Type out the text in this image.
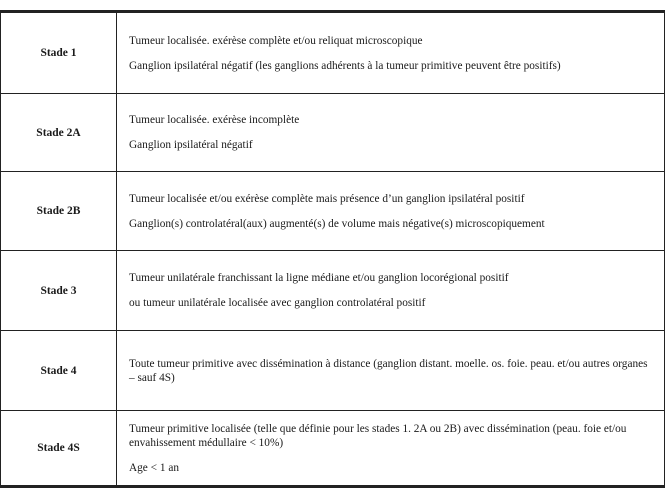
Stade 1	Tumeur localisée. exérèse complète et/ou reliquat microscopique

Ganglion ipsilatéral négatif (les ganglions adhérents à la tumeur primitive peuvent être positifs)

Stade 2A	Tumeur localisée. exérèse incomplète

Ganglion ipsilatéral négatif

Stade 2B	Tumeur localisée et/ou exérèse complète mais présence d’un ganglion ipsilatéral positif

Ganglion(s) controlatéral(aux) augmenté(s) de volume mais négative(s) microscopiquement

Stade 3	Tumeur unilatérale franchissant la ligne médiane et/ou ganglion locorégional positif

ou tumeur unilatérale localisée avec ganglion controlatéral positif

Stade 4	Toute tumeur primitive avec dissémination à distance (ganglion distant. moelle. os. foie. peau. et/ou autres organes – sauf 4S)

Stade 4S	Tumeur primitive localisée (telle que définie pour les stades 1. 2A ou 2B) avec dissémination (peau. foie et/ou envahissement médullaire < 10%)

Age < 1 an
